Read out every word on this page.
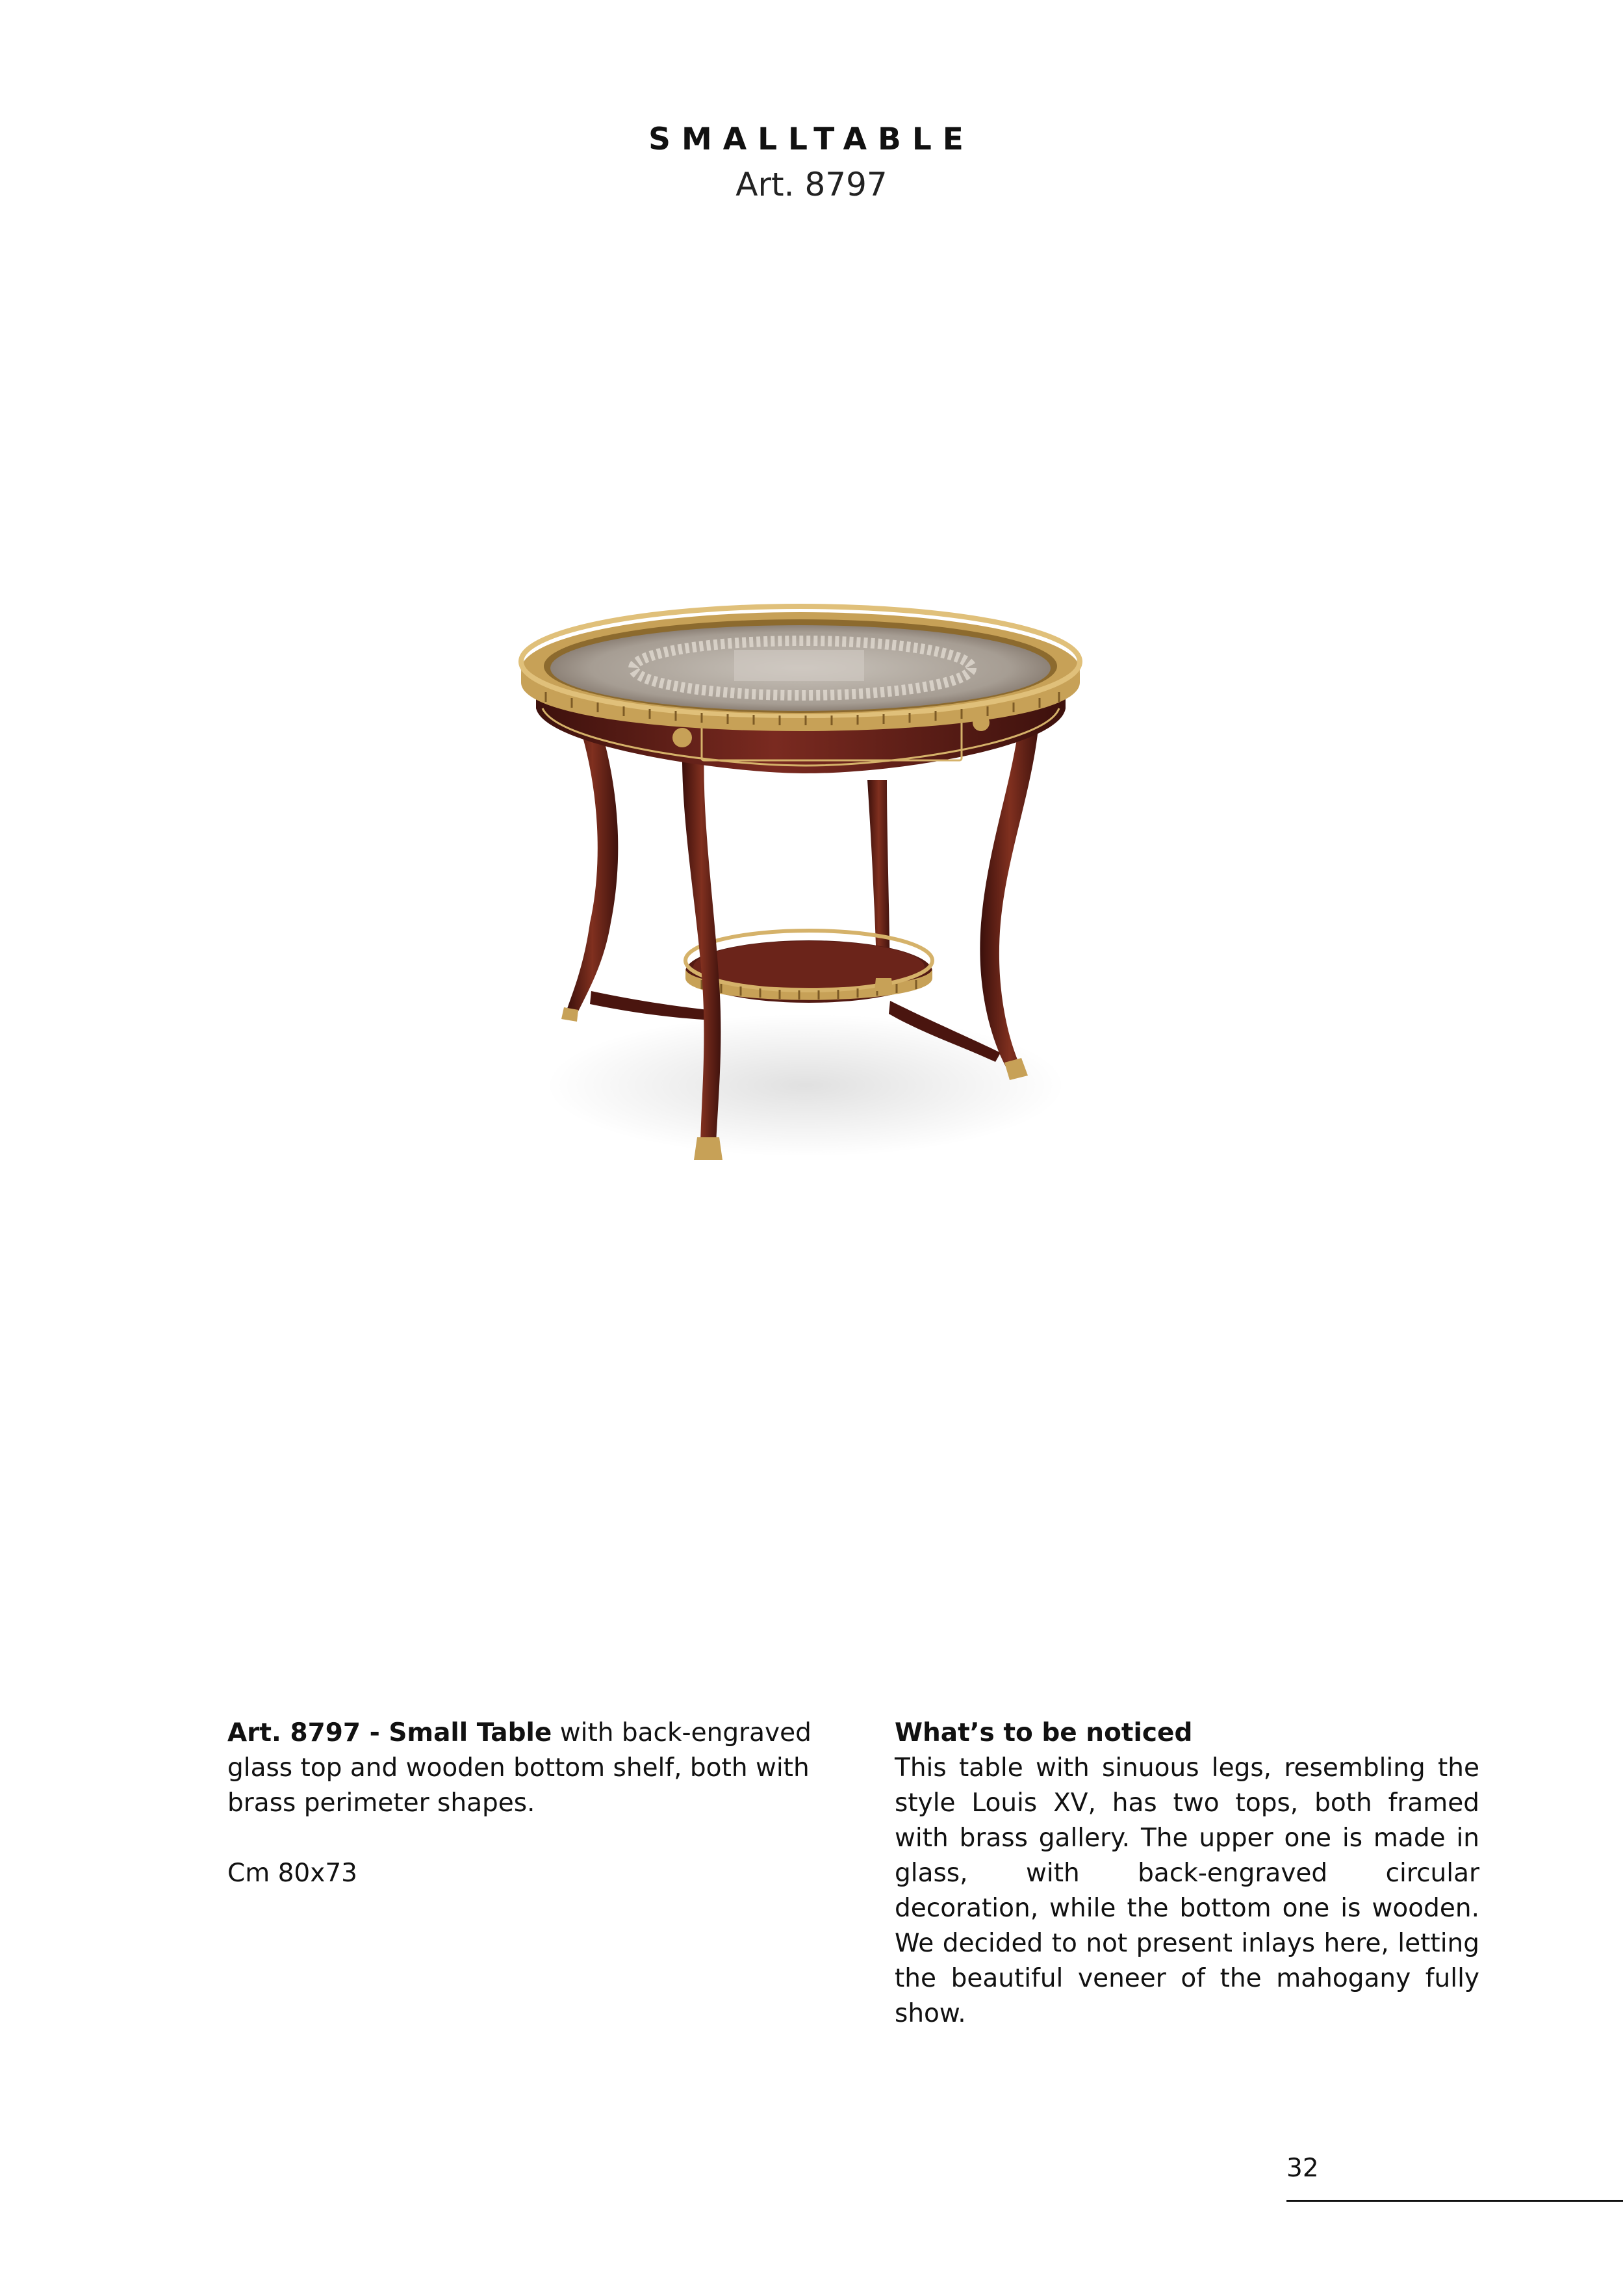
SMALLTABLE
Art. 8797

Art. 8797 - Small Table with back-engraved glass top and wooden bottom shelf, both with brass perimeter shapes.

Cm 80x73

What’s to be noticed

This table with sinuous legs, resembling the style Louis XV, has two tops, both framed with brass gallery. The upper one is made in glass, with back-engraved circular decoration, while the bottom one is wooden. We decided to not present inlays here, letting the beautiful veneer of the mahogany fully show.

32
